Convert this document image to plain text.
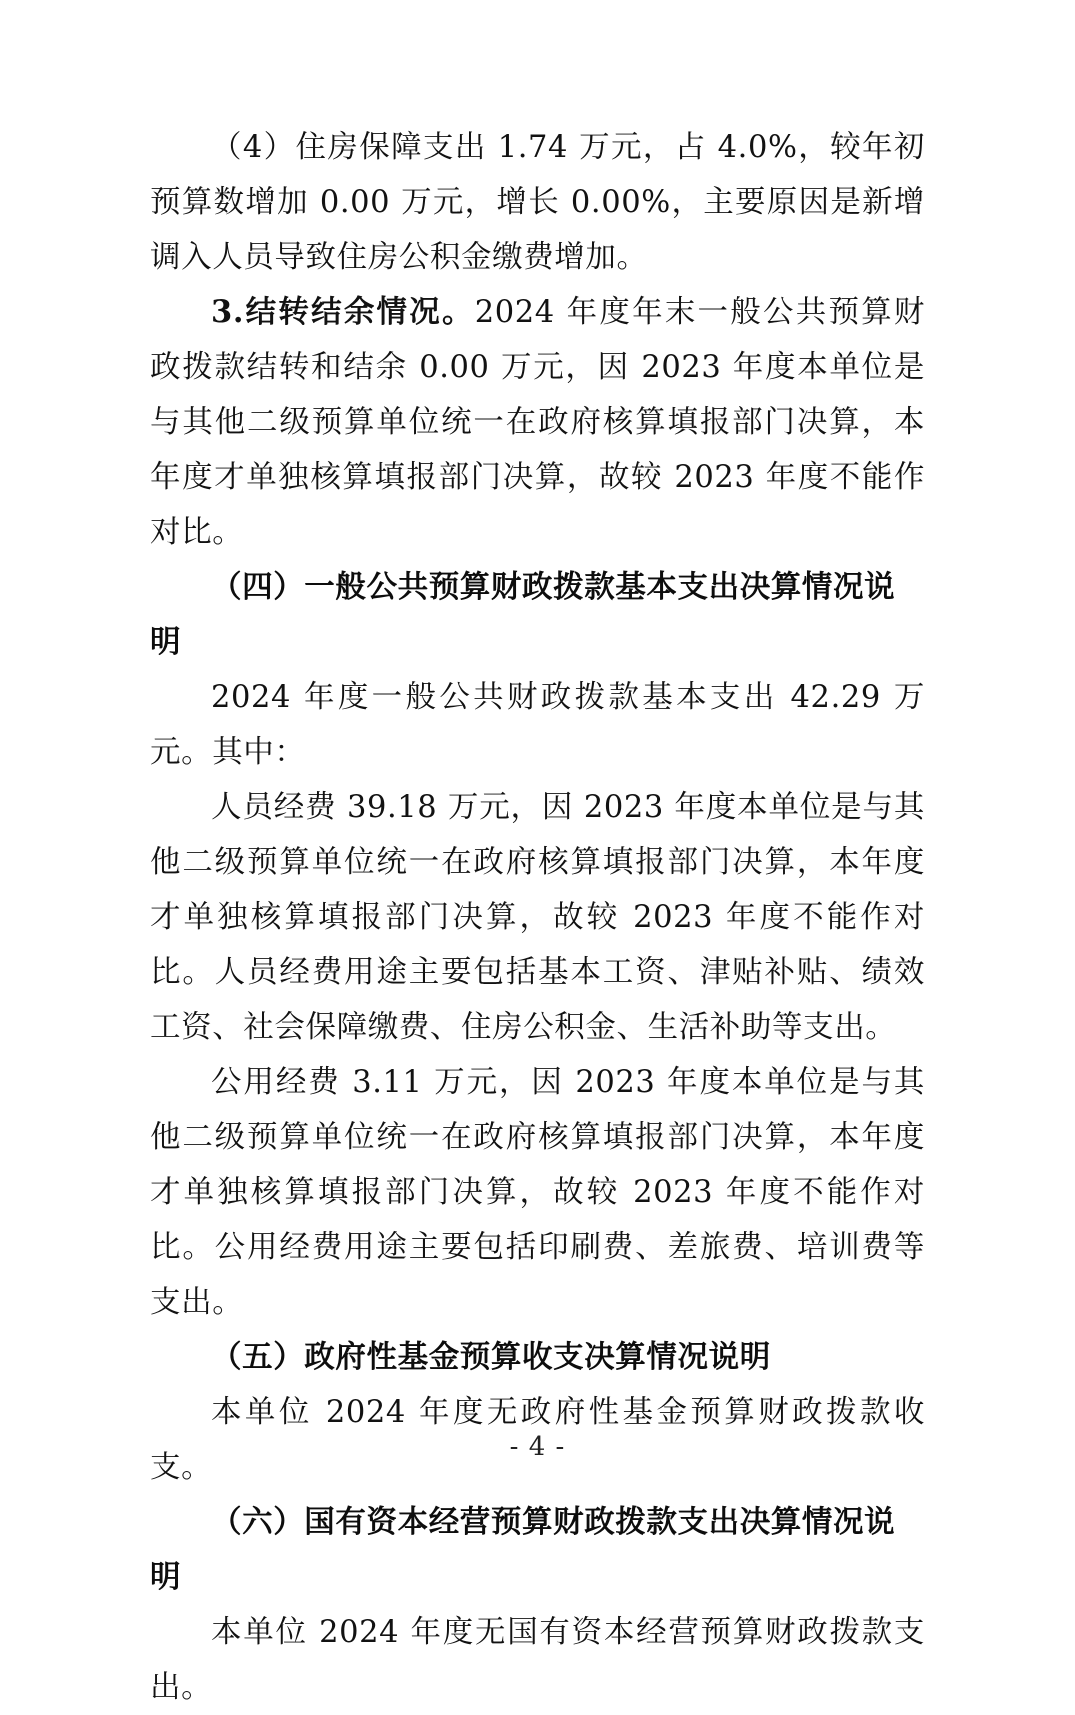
（4）住房保障支出 1.74 万元，占 4.0%，较年初预算数增加 0.00 万元，增长 0.00%，主要原因是新增调入人员导致住房公积金缴费增加。

3.结转结余情况。2024 年度年末一般公共预算财政拨款结转和结余 0.00 万元，因 2023 年度本单位是与其他二级预算单位统一在政府核算填报部门决算，本年度才单独核算填报部门决算，故较 2023 年度不能作对比。

（四）一般公共预算财政拨款基本支出决算情况说明

2024 年度一般公共财政拨款基本支出 42.29 万元。其中：

人员经费 39.18 万元，因 2023 年度本单位是与其他二级预算单位统一在政府核算填报部门决算，本年度才单独核算填报部门决算，故较 2023 年度不能作对比。人员经费用途主要包括基本工资、津贴补贴、绩效工资、社会保障缴费、住房公积金、生活补助等支出。

公用经费 3.11 万元，因 2023 年度本单位是与其他二级预算单位统一在政府核算填报部门决算，本年度才单独核算填报部门决算，故较 2023 年度不能作对比。公用经费用途主要包括印刷费、差旅费、培训费等支出。

（五）政府性基金预算收支决算情况说明

本单位 2024 年度无政府性基金预算财政拨款收支。

（六）国有资本经营预算财政拨款支出决算情况说明

本单位 2024 年度无国有资本经营预算财政拨款支出。

- 4 -
